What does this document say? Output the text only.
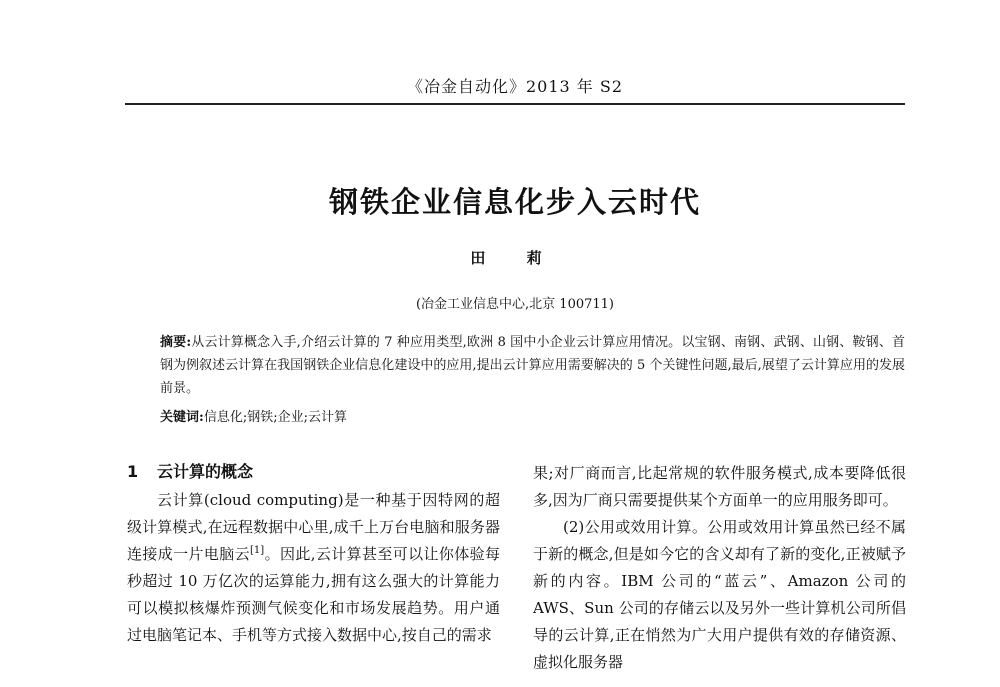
《冶金自动化》2013 年 S2
钢铁企业信息化步入云时代
田 莉
(冶金工业信息中心,北京 100711)
摘要:从云计算概念入手,介绍云计算的 7 种应用类型,欧洲 8 国中小企业云计算应用情况。以宝钢、南钢、武钢、山钢、鞍钢、首钢为例叙述云计算在我国钢铁企业信息化建设中的应用,提出云计算应用需要解决的 5 个关键性问题,最后,展望了云计算应用的发展前景。
关键词:信息化;钢铁;企业;云计算
1 云计算的概念

云计算(cloud computing)是一种基于因特网的超级计算模式,在远程数据中心里,成千上万台电脑和服务器连接成一片电脑云[1]。因此,云计算甚至可以让你体验每秒超过 10 万亿次的运算能力,拥有这么强大的计算能力可以模拟核爆炸预测气候变化和市场发展趋势。用户通过电脑笔记本、手机等方式接入数据中心,按自己的需求

果;对厂商而言,比起常规的软件服务模式,成本要降低很多,因为厂商只需要提供某个方面单一的应用服务即可。

(2)公用或效用计算。公用或效用计算虽然已经不属于新的概念,但是如今它的含义却有了新的变化,正被赋予新的内容。IBM 公司的“蓝云”、Amazon 公司的 AWS、Sun 公司的存储云以及另外一些计算机公司所倡导的云计算,正在悄然为广大用户提供有效的存储资源、虚拟化服务器
